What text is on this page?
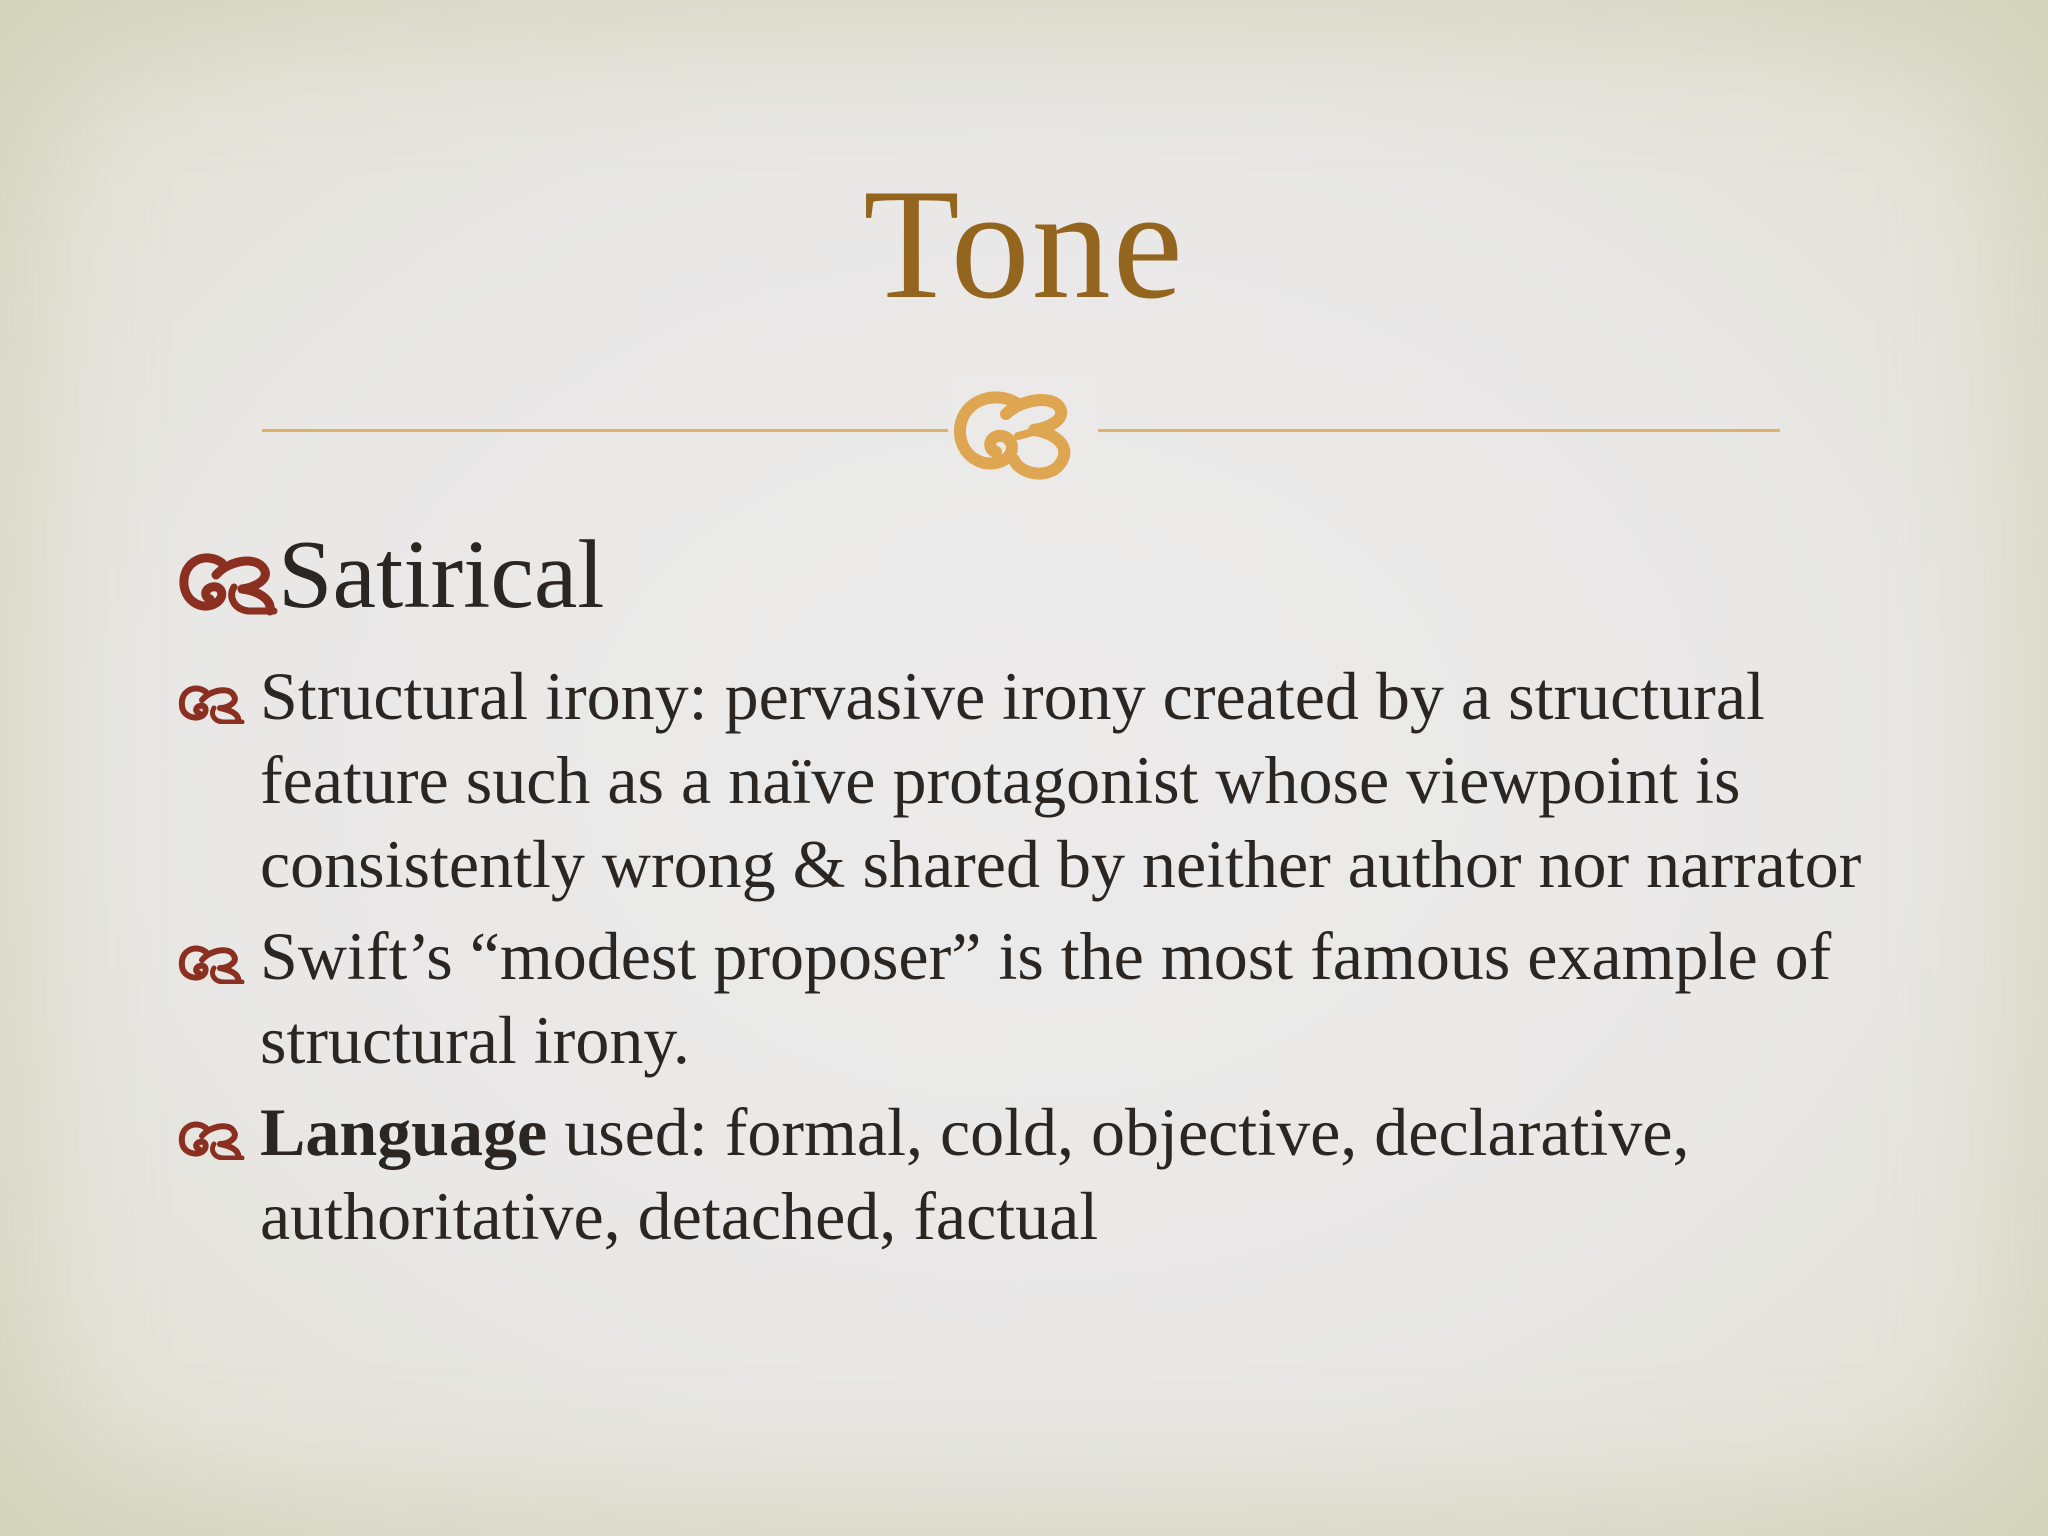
Tone
Satirical
Structural irony: pervasive irony created by a structural feature such as a naïve protagonist whose viewpoint is consistently wrong & shared by neither author nor narrator
Swift’s “modest proposer” is the most famous example of structural irony.
Language used: formal, cold, objective, declarative, authoritative, detached, factual
